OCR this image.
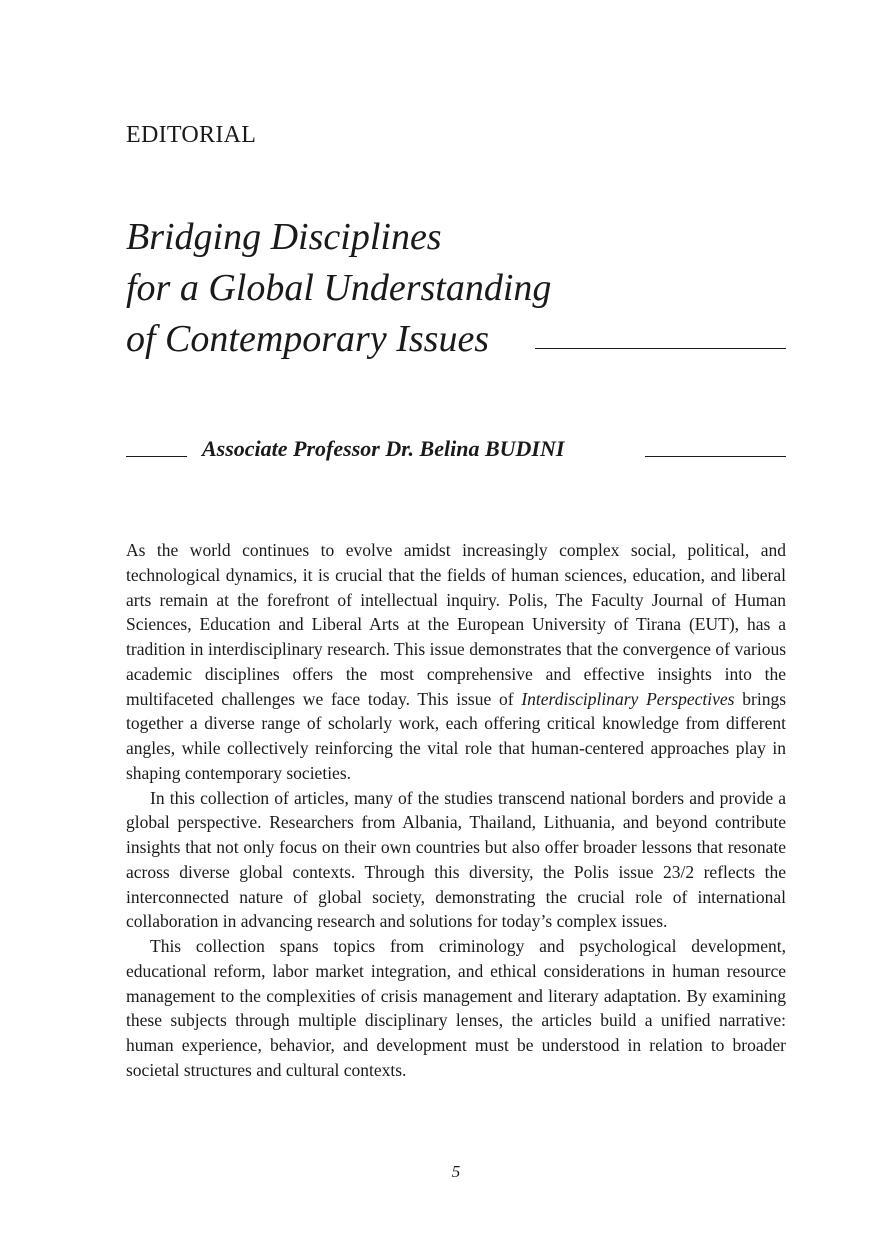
EDITORIAL
Bridging Disciplines
for a Global Understanding
of Contemporary Issues
Associate Professor Dr. Belina BUDINI

As the world continues to evolve amidst increasingly complex social, political, and technological dynamics, it is crucial that the fields of human sciences, education, and liberal arts remain at the forefront of intellectual inquiry. Polis, The Faculty Journal of Human Sciences, Education and Liberal Arts at the European University of Tirana (EUT), has a tradition in interdisciplinary research. This issue demonstrates that the convergence of various academic disciplines offers the most comprehensive and effective insights into the multifaceted challenges we face today. This issue of Interdisciplinary Perspectives brings together a diverse range of scholarly work, each offering critical knowledge from different angles, while collectively reinforcing the vital role that human-centered approaches play in shaping contemporary societies.

In this collection of articles, many of the studies transcend national borders and provide a global perspective. Researchers from Albania, Thailand, Lithuania, and beyond contribute insights that not only focus on their own countries but also offer broader lessons that resonate across diverse global contexts. Through this diversity, the Polis issue 23/2 reflects the interconnected nature of global society, demonstrating the crucial role of international collaboration in advancing research and solutions for today’s complex issues.

This collection spans topics from criminology and psychological development, educational reform, labor market integration, and ethical considerations in human resource management to the complexities of crisis management and literary adaptation. By examining these subjects through multiple disciplinary lenses, the articles build a unified narrative: human experience, behavior, and development must be understood in relation to broader societal structures and cultural contexts.

5
